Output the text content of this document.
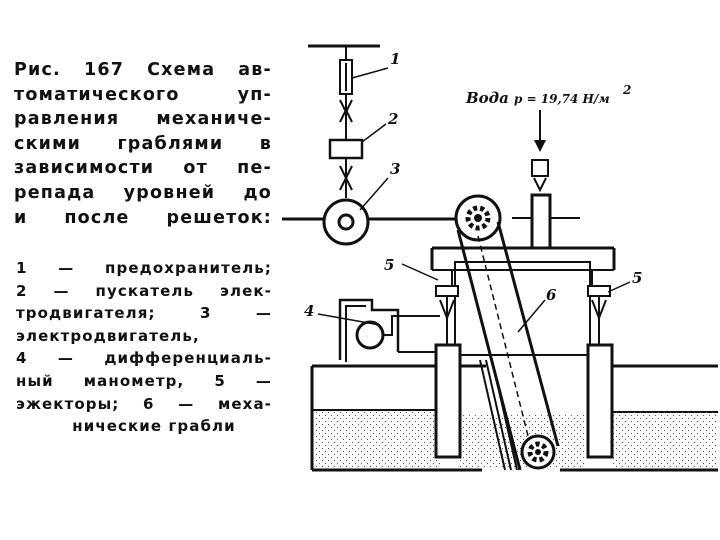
Рис. 167 Схема ав-
томатического уп-
равления механиче-
скими граблями в
зависимости от пе-
репада уровней до
и после решеток:
1 — предохранитель;
2 — пускатель элек-
тродвигателя; 3 —
электродвигатель,
4 — дифференциаль-
ный манометр, 5 —
эжекторы; 6 — меха-
нические грабли
Вода p = 19,74 Н/м
2
1
2
3
4
5
5
6
